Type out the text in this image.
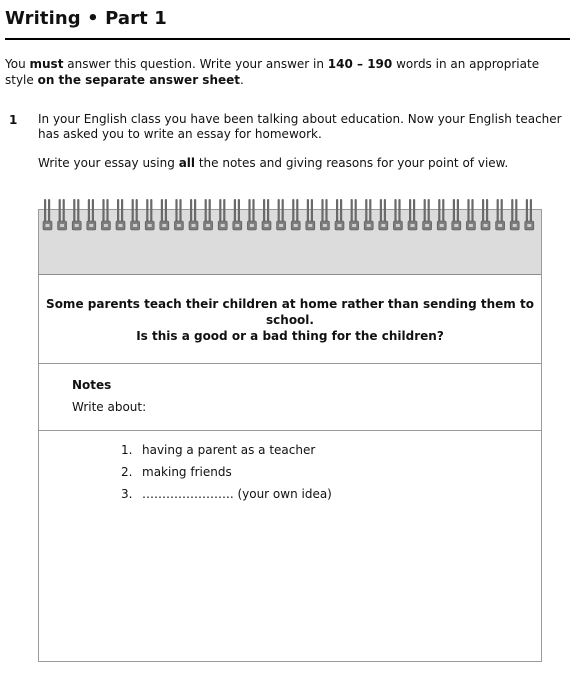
Writing • Part 1
You must answer this question. Write your answer in 140 – 190 words in an appropriate style on the separate answer sheet.
1 In your English class you have been talking about education. Now your English teacher has asked you to write an essay for homework.
Write your essay using all the notes and giving reasons for your point of view.
Some parents teach their children at home rather than sending them to school.
Is this a good or a bad thing for the children?
Notes
Write about:
1. having a parent as a teacher
2. making friends
3. ………………….. (your own idea)
